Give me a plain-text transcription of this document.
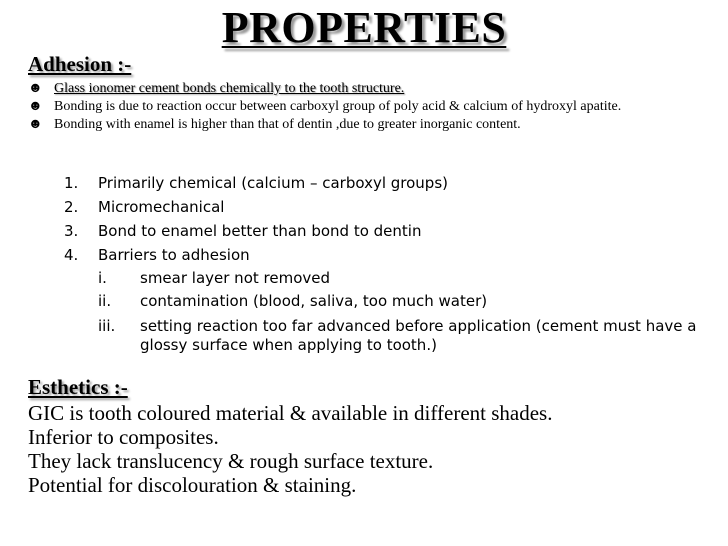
PROPERTIES
Adhesion :-
☻ Glass ionomer cement bonds chemically to the tooth structure.
☻ Bonding is due to reaction occur between carboxyl group of poly acid & calcium of hydroxyl apatite.
☻ Bonding with enamel is higher than that of dentin ,due to greater inorganic content.
1. Primarily chemical (calcium – carboxyl groups)
2. Micromechanical
3. Bond to enamel better than bond to dentin
4. Barriers to adhesion
i. smear layer not removed
ii. contamination (blood, saliva, too much water)
iii. setting reaction too far advanced before application (cement must have a glossy surface when applying to tooth.)
Esthetics :-

GIC is tooth coloured material & available in different shades.

Inferior to composites.

They lack translucency & rough surface texture.

Potential for discolouration & staining.
